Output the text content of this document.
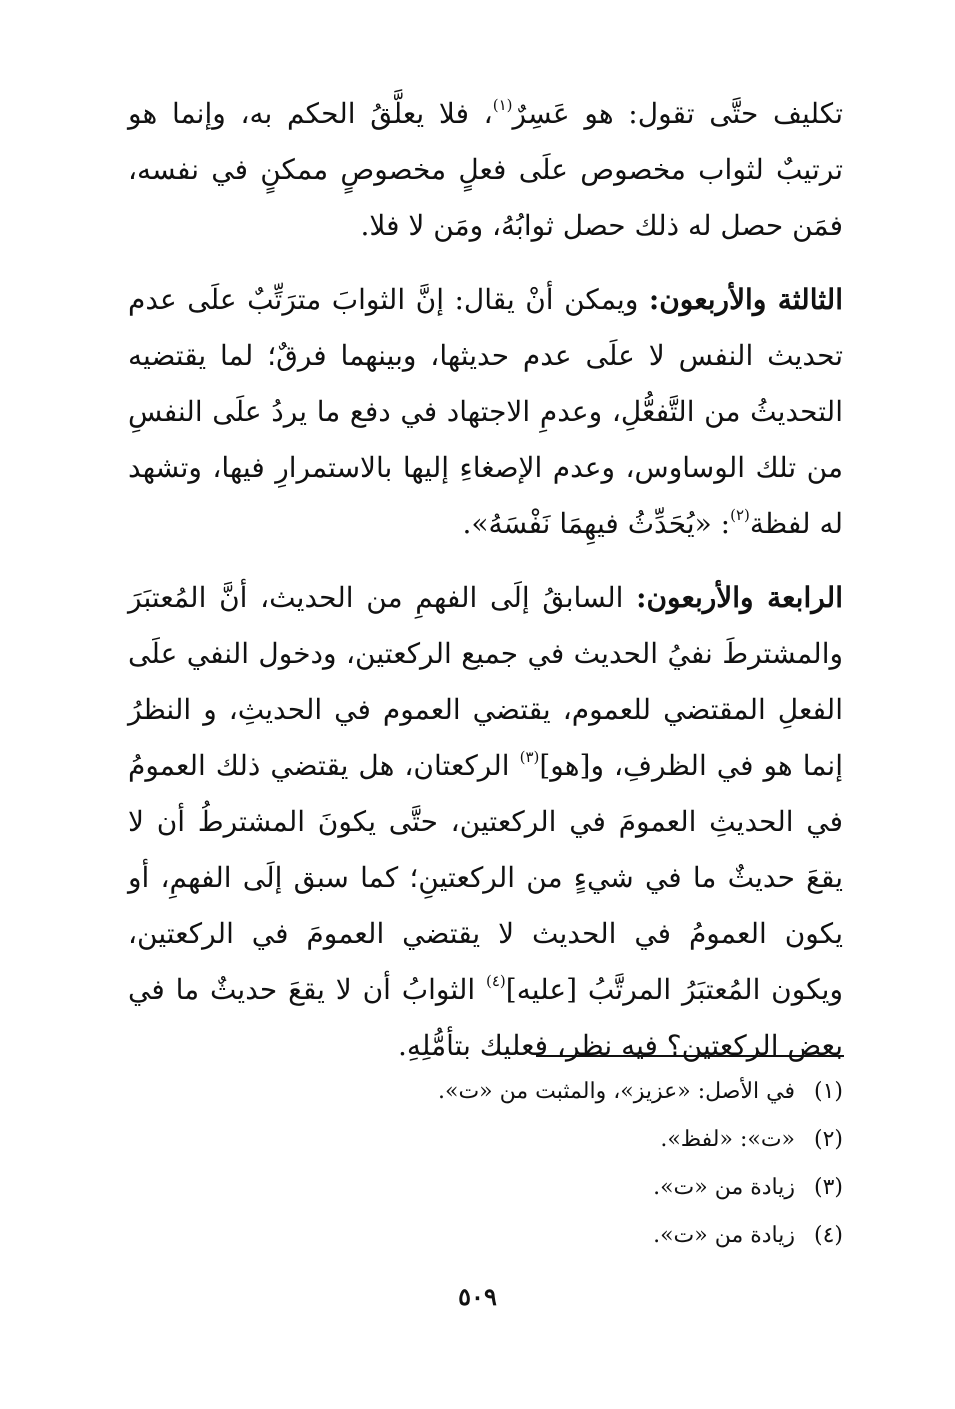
تكليف حتَّى تقول: هو عَسِرٌ$^{(١)}$، فلا يعلَّقُ الحكم به، وإنما هو ترتيبٌ لثواب مخصوص علَى فعلٍ مخصوصٍ ممكنٍ في نفسه، فمَن حصل له ذلك حصل ثوابُهُ، ومَن لا فلا.

الثالثة والأربعون: ويمكن أنْ يقال: إنَّ الثوابَ مترَتِّبٌ علَى عدم تحديث النفس لا علَى عدم حديثها، وبينهما فرقٌ؛ لما يقتضيه التحديثُ من التَّفعُّلِ، وعدمِ الاجتهاد في دفع ما يردُ علَى النفسِ من تلك الوساوس، وعدم الإصغاءِ إليها بالاستمرارِ فيها، وتشهد له لفظة$^{(٢)}$: «يُحَدِّثُ فيهِمَا نَفْسَهُ».

الرابعة والأربعون: السابقُ إلَى الفهمِ من الحديث، أنَّ المُعتبَرَ والمشترطَ نفيُ الحديث في جميع الركعتين، ودخول النفي علَى الفعلِ المقتضي للعموم، يقتضي العموم في الحديثِ، و النظرُ إنما هو في الظرفِ، و[هو]$^{(٣)}$ الركعتان، هل يقتضي ذلك العمومُ في الحديثِ العمومَ في الركعتين، حتَّى يكونَ المشترطُ أن لا يقعَ حديثٌ ما في شيءٍ من الركعتينِ؛ كما سبق إلَى الفهمِ، أو يكون العمومُ في الحديث لا يقتضي العمومَ في الركعتين، ويكون المُعتبَرُ المرتَّبُ [عليه]$^{(٤)}$ الثوابُ أن لا يقعَ حديثٌ ما في بعض الركعتين؟ فيه نظر، فعليك بتأمُّلِهِ.

(١)في الأصل: «عزيز»، والمثبت من «ت».
(٢)«ت»: «لفظ».
(٣)زيادة من «ت».
(٤)زيادة من «ت».
٥٠٩
